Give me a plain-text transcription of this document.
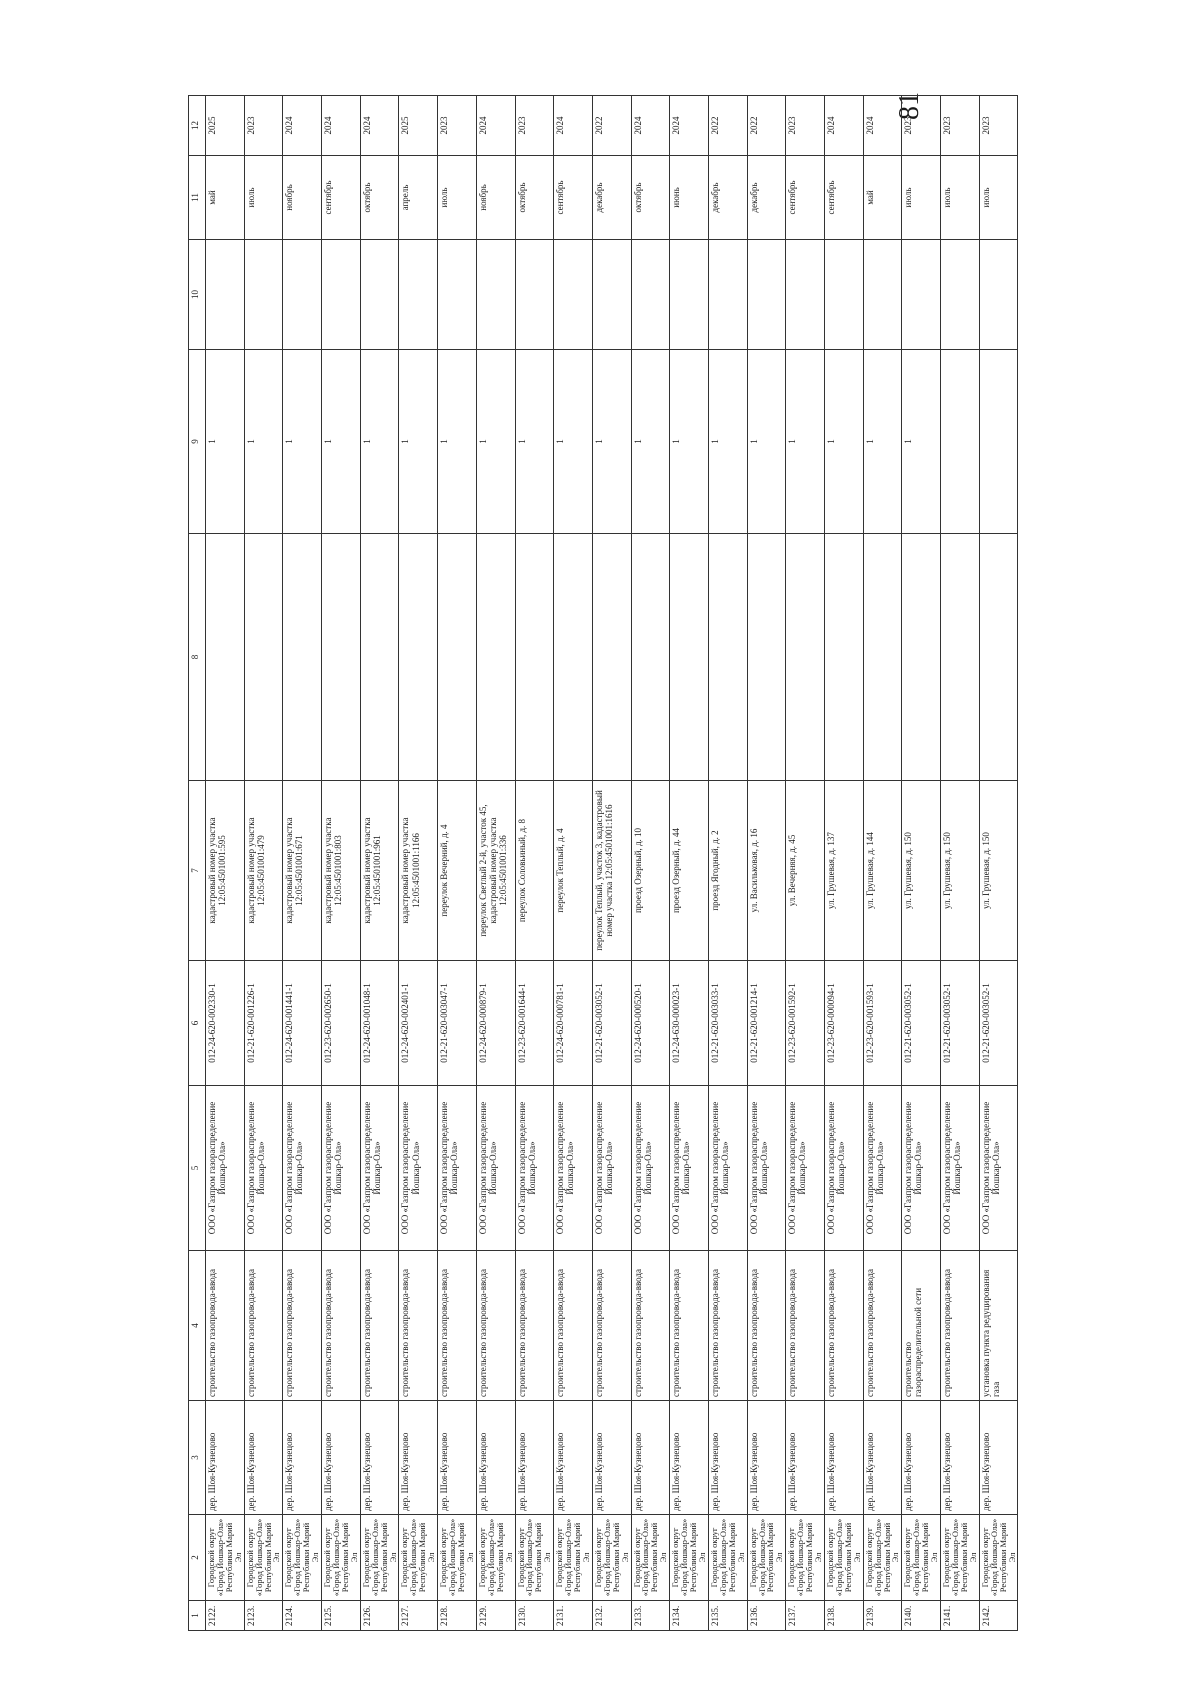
81
1	2	3	4	5	6	7	8	9	10	11	12
2122.	Городской округ «Город Йошкар-Ола» Республики Марий Эл	дер. Шоя-Кузнецово	строительство газопровода-ввода	ООО «Газпром газораспределение Йошкар-Ола»	012-24-620-002330-1	кадастровый номер участка 12:05:4501001:595		1		май	2025
2123.	Городской округ «Город Йошкар-Ола» Республики Марий Эл	дер. Шоя-Кузнецово	строительство газопровода-ввода	ООО «Газпром газораспределение Йошкар-Ола»	012-21-620-001226-1	кадастровый номер участка 12:05:4501001:479		1		июль	2023
2124.	Городской округ «Город Йошкар-Ола» Республики Марий Эл	дер. Шоя-Кузнецово	строительство газопровода-ввода	ООО «Газпром газораспределение Йошкар-Ола»	012-24-620-001441-1	кадастровый номер участка 12:05:4501001:671		1		ноябрь	2024
2125.	Городской округ «Город Йошкар-Ола» Республики Марий Эл	дер. Шоя-Кузнецово	строительство газопровода-ввода	ООО «Газпром газораспределение Йошкар-Ола»	012-23-620-002650-1	кадастровый номер участка 12:05:4501001:803		1		сентябрь	2024
2126.	Городской округ «Город Йошкар-Ола» Республики Марий Эл	дер. Шоя-Кузнецово	строительство газопровода-ввода	ООО «Газпром газораспределение Йошкар-Ола»	012-24-620-001048-1	кадастровый номер участка 12:05:4501001:961		1		октябрь	2024
2127.	Городской округ «Город Йошкар-Ола» Республики Марий Эл	дер. Шоя-Кузнецово	строительство газопровода-ввода	ООО «Газпром газораспределение Йошкар-Ола»	012-24-620-002401-1	кадастровый номер участка 12:05:4501001:1166		1		апрель	2025
2128.	Городской округ «Город Йошкар-Ола» Республики Марий Эл	дер. Шоя-Кузнецово	строительство газопровода-ввода	ООО «Газпром газораспределение Йошкар-Ола»	012-21-620-003047-1	переулок Вечерний, д. 4		1		июль	2023
2129.	Городской округ «Город Йошкар-Ола» Республики Марий Эл	дер. Шоя-Кузнецово	строительство газопровода-ввода	ООО «Газпром газораспределение Йошкар-Ола»	012-24-620-000879-1	переулок Светлый 2-й, участок 45, кадастровый номер участка 12:05:4501001:336		1		ноябрь	2024
2130.	Городской округ «Город Йошкар-Ола» Республики Марий Эл	дер. Шоя-Кузнецово	строительство газопровода-ввода	ООО «Газпром газораспределение Йошкар-Ола»	012-23-620-001644-1	переулок Соловьиный, д. 8		1		октябрь	2023
2131.	Городской округ «Город Йошкар-Ола» Республики Марий Эл	дер. Шоя-Кузнецово	строительство газопровода-ввода	ООО «Газпром газораспределение Йошкар-Ола»	012-24-620-000781-1	переулок Теплый, д. 4		1		сентябрь	2024
2132.	Городской округ «Город Йошкар-Ола» Республики Марий Эл	дер. Шоя-Кузнецово	строительство газопровода-ввода	ООО «Газпром газораспределение Йошкар-Ола»	012-21-620-003052-1	переулок Теплый, участок 3, кадастровый номер участка 12:05:4501001:1616		1		декабрь	2022
2133.	Городской округ «Город Йошкар-Ола» Республики Марий Эл	дер. Шоя-Кузнецово	строительство газопровода-ввода	ООО «Газпром газораспределение Йошкар-Ола»	012-24-620-000520-1	проезд Озерный, д. 10		1		октябрь	2024
2134.	Городской округ «Город Йошкар-Ола» Республики Марий Эл	дер. Шоя-Кузнецово	строительство газопровода-ввода	ООО «Газпром газораспределение Йошкар-Ола»	012-24-630-000023-1	проезд Озерный, д. 44		1		июнь	2024
2135.	Городской округ «Город Йошкар-Ола» Республики Марий Эл	дер. Шоя-Кузнецово	строительство газопровода-ввода	ООО «Газпром газораспределение Йошкар-Ола»	012-21-620-003033-1	проезд Ягодный, д. 2		1		декабрь	2022
2136.	Городской округ «Город Йошкар-Ола» Республики Марий Эл	дер. Шоя-Кузнецово	строительство газопровода-ввода	ООО «Газпром газораспределение Йошкар-Ола»	012-21-620-001214-1	ул. Васильковая, д. 16		1		декабрь	2022
2137.	Городской округ «Город Йошкар-Ола» Республики Марий Эл	дер. Шоя-Кузнецово	строительство газопровода-ввода	ООО «Газпром газораспределение Йошкар-Ола»	012-23-620-001592-1	ул. Вечерняя, д. 45		1		сентябрь	2023
2138.	Городской округ «Город Йошкар-Ола» Республики Марий Эл	дер. Шоя-Кузнецово	строительство газопровода-ввода	ООО «Газпром газораспределение Йошкар-Ола»	012-23-620-000094-1	ул. Грушевая, д. 137		1		сентябрь	2024
2139.	Городской округ «Город Йошкар-Ола» Республики Марий Эл	дер. Шоя-Кузнецово	строительство газопровода-ввода	ООО «Газпром газораспределение Йошкар-Ола»	012-23-620-001593-1	ул. Грушевая, д. 144		1		май	2024
2140.	Городской округ «Город Йошкар-Ола» Республики Марий Эл	дер. Шоя-Кузнецово	строительство газораспределительной сети	ООО «Газпром газораспределение Йошкар-Ола»	012-21-620-003052-1	ул. Грушевая, д. 150		1		июль	2023
2141.	Городской округ «Город Йошкар-Ола» Республики Марий Эл	дер. Шоя-Кузнецово	строительство газопровода-ввода	ООО «Газпром газораспределение Йошкар-Ола»	012-21-620-003052-1	ул. Грушевая, д. 150				июль	2023
2142.	Городской округ «Город Йошкар-Ола» Республики Марий Эл	дер. Шоя-Кузнецово	установка пункта редуцирования газа	ООО «Газпром газораспределение Йошкар-Ола»	012-21-620-003052-1	ул. Грушевая, д. 150				июль	2023
